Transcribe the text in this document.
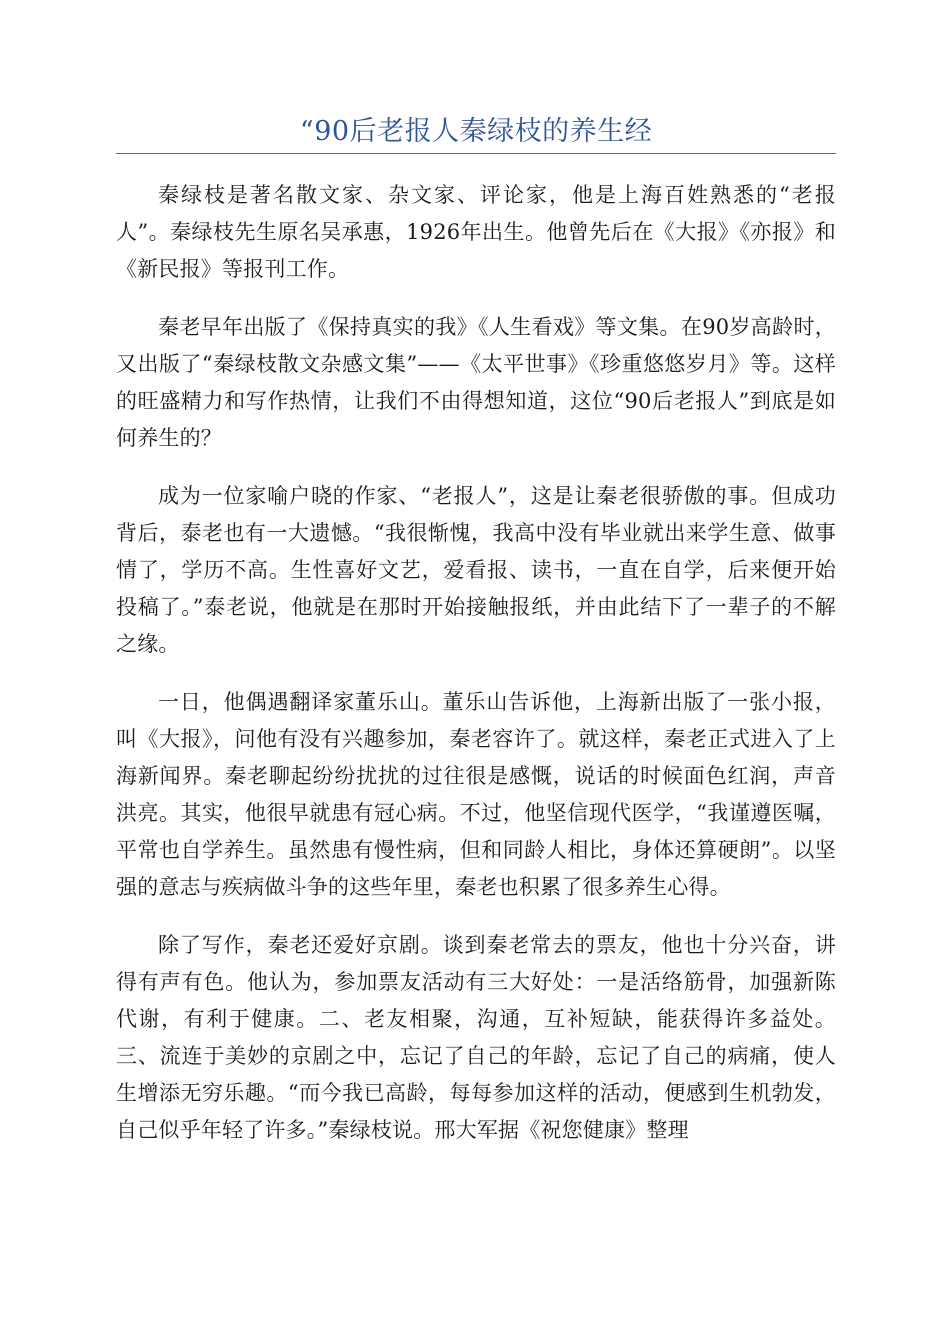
“90后老报人秦绿枝的养生经

秦绿枝是著名散文家、杂文家、评论家，他是上海百姓熟悉的“老报人”。秦绿枝先生原名吴承惠，1926年出生。他曾先后在《大报》《亦报》和《新民报》等报刊工作。

秦老早年出版了《保持真实的我》《人生看戏》等文集。在90岁高龄时，又出版了“秦绿枝散文杂感文集”——《太平世事》《珍重悠悠岁月》等。这样的旺盛精力和写作热情，让我们不由得想知道，这位“90后老报人”到底是如何养生的？

成为一位家喻户晓的作家、“老报人”，这是让秦老很骄傲的事。但成功背后，泰老也有一大遗憾。“我很惭愧，我高中没有毕业就出来学生意、做事情了，学历不高。生性喜好文艺，爱看报、读书，一直在自学，后来便开始投稿了。”泰老说，他就是在那时开始接触报纸，并由此结下了一辈子的不解之缘。

一日，他偶遇翻译家董乐山。董乐山告诉他，上海新出版了一张小报，叫《大报》，问他有没有兴趣参加，秦老容许了。就这样，秦老正式进入了上海新闻界。秦老聊起纷纷扰扰的过往很是感慨，说话的时候面色红润，声音洪亮。其实，他很早就患有冠心病。不过，他坚信现代医学，“我谨遵医嘱，平常也自学养生。虽然患有慢性病，但和同龄人相比，身体还算硬朗”。以坚强的意志与疾病做斗争的这些年里，秦老也积累了很多养生心得。

除了写作，秦老还爱好京剧。谈到秦老常去的票友，他也十分兴奋，讲得有声有色。他认为，参加票友活动有三大好处：一是活络筋骨，加强新陈代谢，有利于健康。二、老友相聚，沟通，互补短缺，能获得许多益处。三、流连于美妙的京剧之中，忘记了自己的年龄，忘记了自己的病痛，使人生增添无穷乐趣。“而今我已高龄，每每参加这样的活动，便感到生机勃发，自己似乎年轻了许多。”秦绿枝说。邢大军据《祝您健康》整理
